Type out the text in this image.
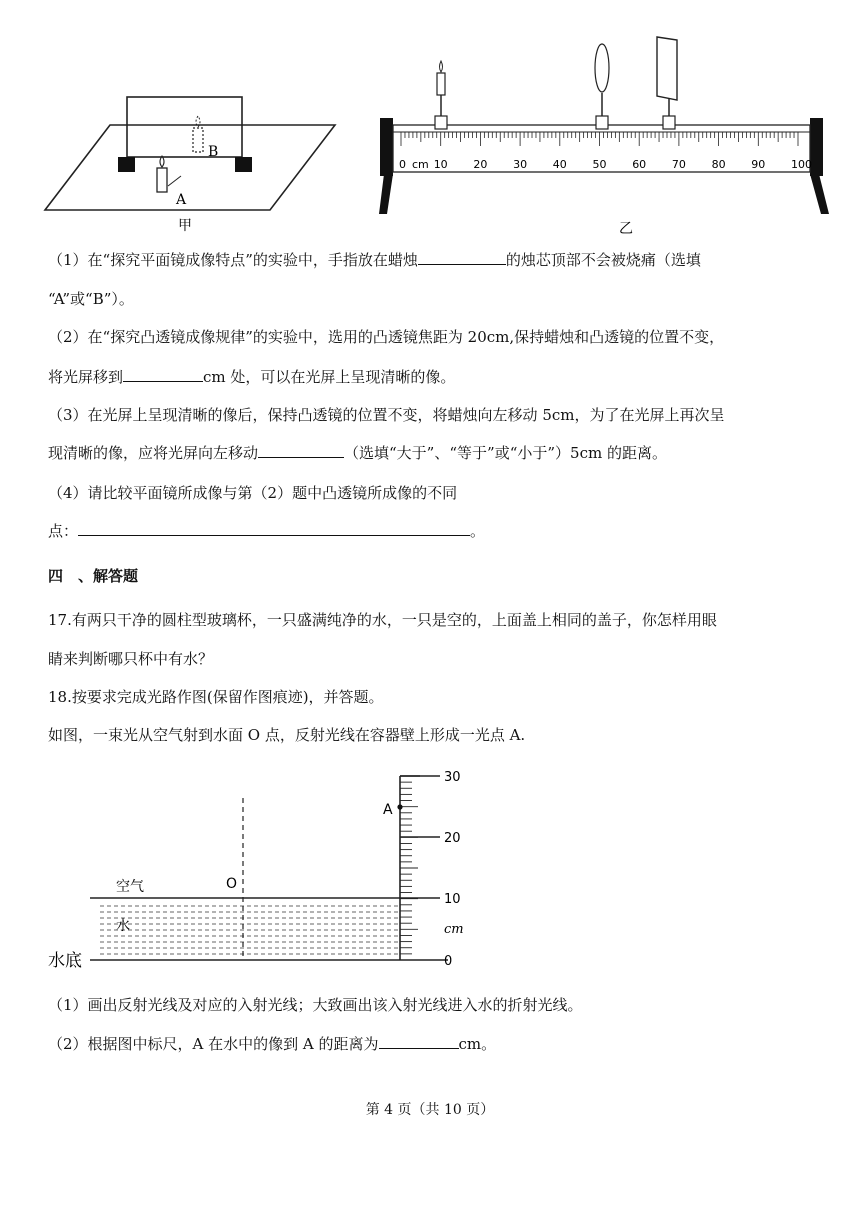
A
B
甲
0	10 20 30 40 50 60 70 80 90 100
cm
乙
（1）在“探究平面镜成像特点”的实验中，手指放在蜡烛	的烛芯顶部不会被烧痛（选填
“A”或“B”）。
（2）在“探究凸透镜成像规律”的实验中，选用的凸透镜焦距为 20cm,保持蜡烛和凸透镜的位置不变，
将光屏移到	cm 处，可以在光屏上呈现清晰的像。
（3）在光屏上呈现清晰的像后，保持凸透镜的位置不变，将蜡烛向左移动 5cm，为了在光屏上再次呈
现清晰的像，应将光屏向左移动	（选填“大于”、“等于”或“小于”）5cm 的距离。
（4）请比较平面镜所成像与第（2）题中凸透镜所成像的不同
点：	。
四　、解答题
17.有两只干净的圆柱型玻璃杯，一只盛满纯净的水，一只是空的，上面盖上相同的盖子，你怎样用眼
睛来判断哪只杯中有水？
18.按要求完成光路作图(保留作图痕迹)，并答题。
如图，一束光从空气射到水面 O 点，反射光线在容器壁上形成一光点 A.
30
20
10
0
cm
O
A
空气
水
水底
（1）画出反射光线及对应的入射光线；大致画出该入射光线进入水的折射光线。
（2）根据图中标尺，A 在水中的像到 A 的距离为	cm。
第 4 页（共 10 页）
